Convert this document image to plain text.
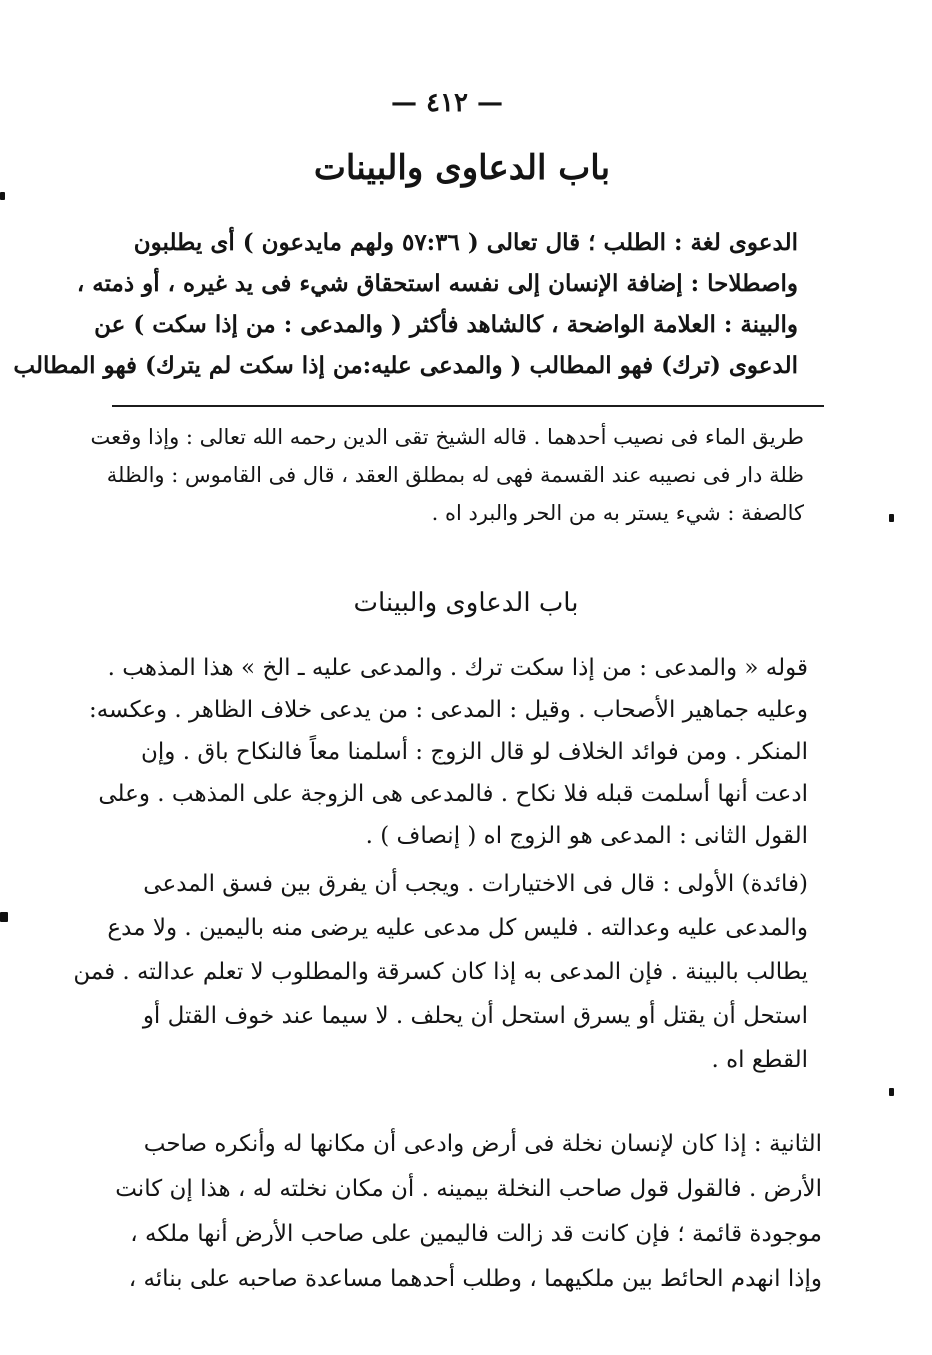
— ٤١٢ —
باب الدعاوى والبينات
الدعوى لغة : الطلب ؛ قال تعالى ( ٥٧:٣٦ ولهم مايدعون ) أى يطلبون
واصطلاحا : إضافة الإنسان إلى نفسه استحقاق شيء فى يد غيره ، أو ذمته ،
والبينة : العلامة الواضحة ، كالشاهد فأكثر ( والمدعى : من إذا سكت ) عن
الدعوى (ترك) فهو المطالب ( والمدعى عليه:من إذا سكت لم يترك) فهو المطالب
طريق الماء فى نصيب أحدهما . قاله الشيخ تقى الدين رحمه الله تعالى : وإذا وقعت
ظلة دار فى نصيبه عند القسمة فهى له بمطلق العقد ، قال فى القاموس : والظلة
كالصفة : شيء يستر به من الحر والبرد اه .
باب الدعاوى والبينات
قوله « والمدعى : من إذا سكت ترك . والمدعى عليه ـ الخ » هذا المذهب .
وعليه جماهير الأصحاب . وقيل : المدعى : من يدعى خلاف الظاهر . وعكسه:
المنكر . ومن فوائد الخلاف لو قال الزوج : أسلمنا معاً فالنكاح باق . وإن
ادعت أنها أسلمت قبله فلا نكاح . فالمدعى هى الزوجة على المذهب . وعلى
القول الثانى : المدعى هو الزوج اه ( إنصاف ) .
(فائدة) الأولى : قال فى الاختيارات . ويجب أن يفرق بين فسق المدعى
والمدعى عليه وعدالته . فليس كل مدعى عليه يرضى منه باليمين . ولا مدع
يطالب بالبينة . فإن المدعى به إذا كان كسرقة والمطلوب لا تعلم عدالته . فمن
استحل أن يقتل أو يسرق استحل أن يحلف . لا سيما عند خوف القتل أو
القطع اه .
الثانية : إذا كان لإنسان نخلة فى أرض وادعى أن مكانها له وأنكره صاحب
الأرض . فالقول قول صاحب النخلة بيمينه . أن مكان نخلته له ، هذا إن كانت
موجودة قائمة ؛ فإن كانت قد زالت فاليمين على صاحب الأرض أنها ملكه ،
وإذا انهدم الحائط بين ملكيهما ، وطلب أحدهما مساعدة صاحبه على بنائه ،
